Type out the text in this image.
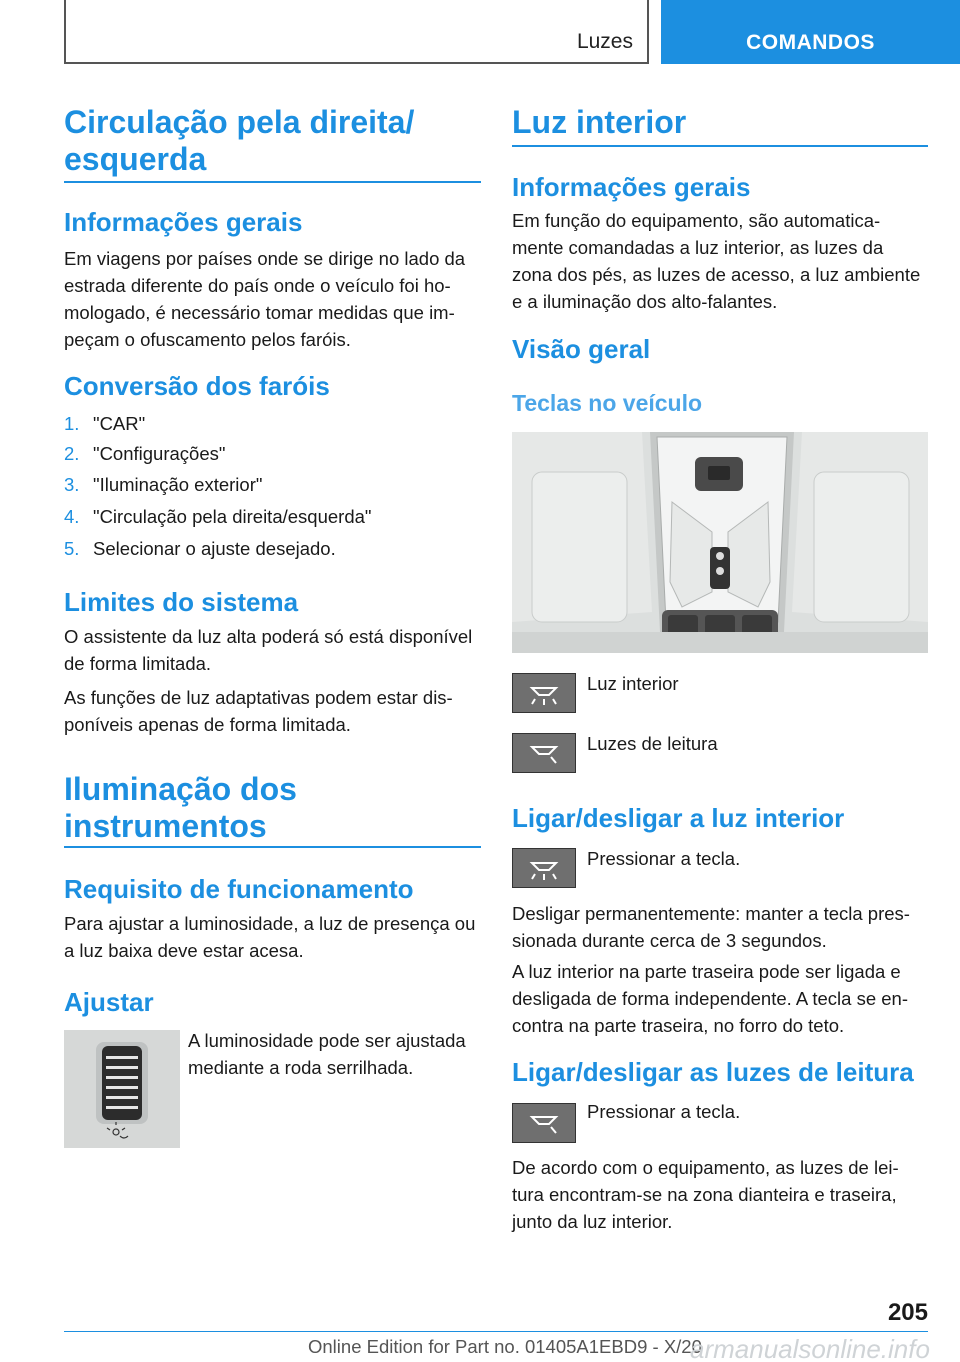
Luzes	COMANDOS
Circulação pela direita/
esquerda
Informações gerais
Em viagens por países onde se dirige no lado da
estrada diferente do país onde o veículo foi ho-
mologado, é necessário tomar medidas que im-
peçam o ofuscamento pelos faróis.
Conversão dos faróis
1. "CAR"
2. "Configurações"
3. "Iluminação exterior"
4. "Circulação pela direita/esquerda"
5. Selecionar o ajuste desejado.
Limites do sistema
O assistente da luz alta poderá só está disponível
de forma limitada.
As funções de luz adaptativas podem estar dis-
poníveis apenas de forma limitada.
Iluminação dos
instrumentos
Requisito de funcionamento
Para ajustar a luminosidade, a luz de presença ou
a luz baixa deve estar acesa.
Ajustar
A luminosidade pode ser ajustada
mediante a roda serrilhada.
Luz interior
Informações gerais
Em função do equipamento, são automatica-
mente comandadas a luz interior, as luzes da
zona dos pés, as luzes de acesso, a luz ambiente
e a iluminação dos alto-falantes.
Visão geral
Teclas no veículo
Luz interior
Luzes de leitura
Ligar/desligar a luz interior
Pressionar a tecla.
Desligar permanentemente: manter a tecla pres-
sionada durante cerca de 3 segundos.
A luz interior na parte traseira pode ser ligada e
desligada de forma independente. A tecla se en-
contra na parte traseira, no forro do teto.
Ligar/desligar as luzes de leitura
Pressionar a tecla.
De acordo com o equipamento, as luzes de lei-
tura encontram-se na zona dianteira e traseira,
junto da luz interior.
205
Online Edition for Part no. 01405A1EBD9 - X/20
armanualsonline.info
